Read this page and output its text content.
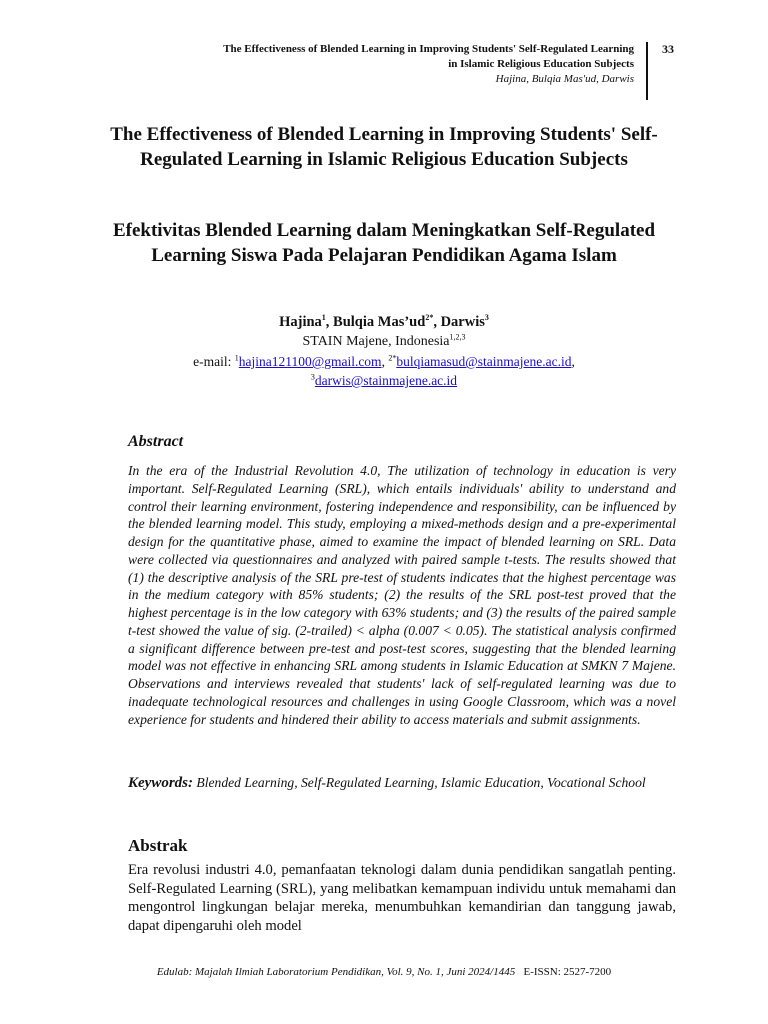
The Effectiveness of Blended Learning in Improving Students' Self-Regulated Learning
in Islamic Religious Education Subjects
Hajina, Bulqia Mas'ud, Darwis
33
The Effectiveness of Blended Learning in Improving Students' Self-Regulated Learning in Islamic Religious Education Subjects
Efektivitas Blended Learning dalam Meningkatkan Self-Regulated Learning Siswa Pada Pelajaran Pendidikan Agama Islam
Hajina$^1$, Bulqia $Mas’ud^{2*}$, Darwis$^3$
STAIN Majene, Indonesia$^{1,2,3}$
e-mail: $^1$hajina121100@gmail.com, $^{2*}$bulqiamasud@stainmajene.ac.id,
$^3$darwis@stainmajene.ac.id
Abstract

In the era of the Industrial Revolution 4.0, The utilization of technology in education is very important. Self-Regulated Learning (SRL), which entails individuals' ability to understand and control their learning environment, fostering independence and responsibility, can be influenced by the blended learning model. This study, employing a mixed-methods design and a pre-experimental design for the quantitative phase, aimed to examine the impact of blended learning on SRL. Data were collected via questionnaires and analyzed with paired sample t-tests. The results showed that (1) the descriptive analysis of the SRL pre-test of students indicates that the highest percentage was in the medium category with 85% students; (2) the results of the SRL post-test proved that the highest percentage is in the low category with 63% students; and (3) the results of the paired sample t-test showed the value of sig. (2-trailed) < alpha (0.007 < 0.05). The statistical analysis confirmed a significant difference between pre-test and post-test scores, suggesting that the blended learning model was not effective in enhancing SRL among students in Islamic Education at SMKN 7 Majene. Observations and interviews revealed that students' lack of self-regulated learning was due to inadequate technological resources and challenges in using Google Classroom, which was a novel experience for students and hindered their ability to access materials and submit assignments.

Keywords: Blended Learning, Self-Regulated Learning, Islamic Education, Vocational School

Abstrak

Era revolusi industri 4.0, pemanfaatan teknologi dalam dunia pendidikan sangatlah penting. Self-Regulated Learning (SRL), yang melibatkan kemampuan individu untuk memahami dan mengontrol lingkungan belajar mereka, menumbuhkan kemandirian dan tanggung jawab, dapat dipengaruhi oleh model

Edulab: Majalah Ilmiah Laboratorium Pendidikan, Vol. 9, No. 1, Juni 2024/1445 E-ISSN: 2527-7200
